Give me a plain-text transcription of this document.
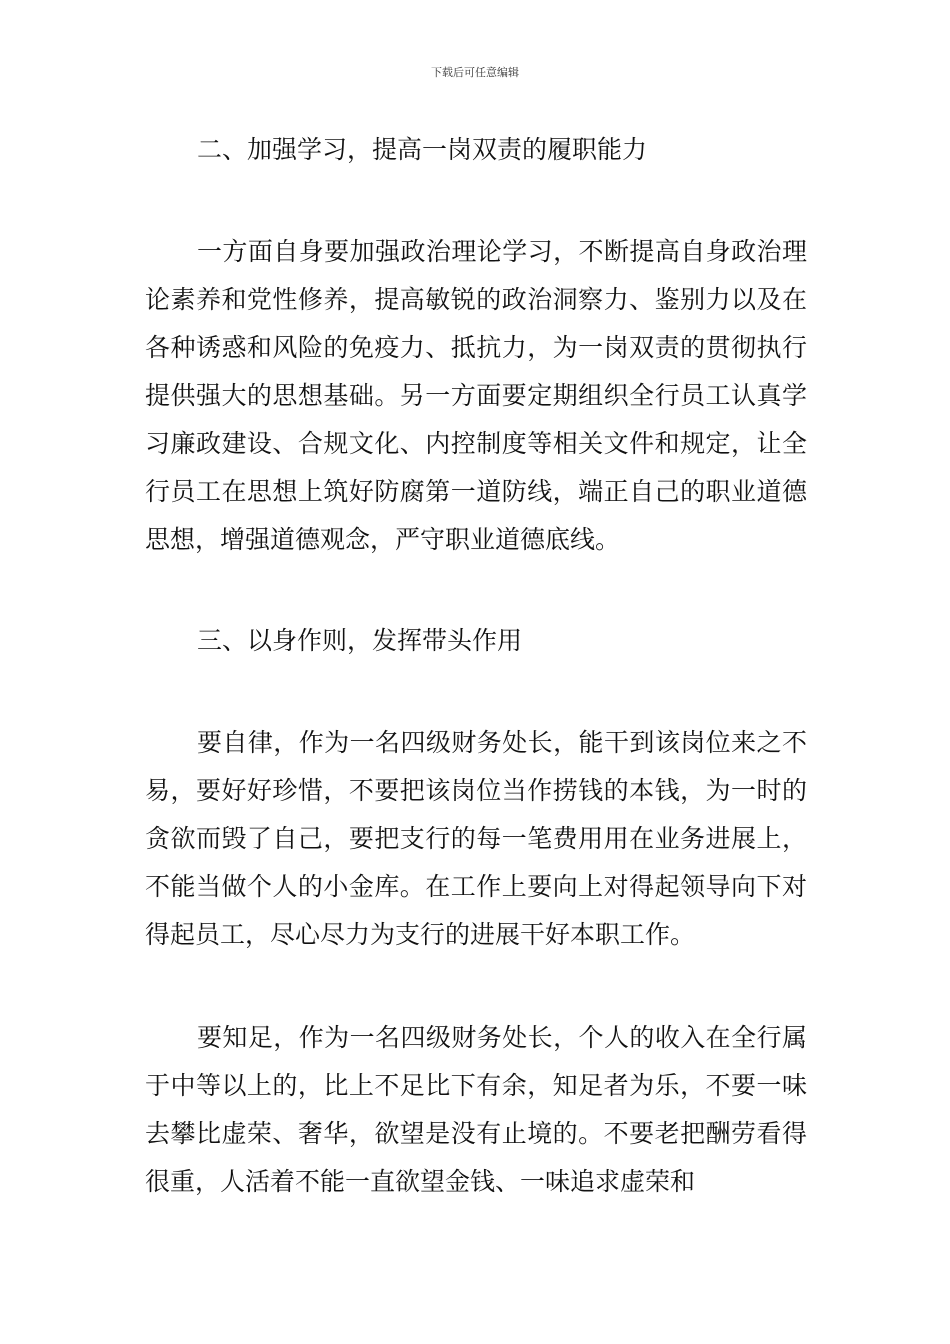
下载后可任意编辑
二、加强学习，提高一岗双责的履职能力

一方面自身要加强政治理论学习，不断提高自身政治理论素养和党性修养，提高敏锐的政治洞察力、鉴别力以及在各种诱惑和风险的免疫力、抵抗力，为一岗双责的贯彻执行提供强大的思想基础。另一方面要定期组织全行员工认真学习廉政建设、合规文化、内控制度等相关文件和规定，让全行员工在思想上筑好防腐第一道防线，端正自己的职业道德思想，增强道德观念，严守职业道德底线。

三、以身作则，发挥带头作用

要自律，作为一名四级财务处长，能干到该岗位来之不易，要好好珍惜，不要把该岗位当作捞钱的本钱，为一时的贪欲而毁了自己，要把支行的每一笔费用用在业务进展上，不能当做个人的小金库。在工作上要向上对得起领导向下对得起员工，尽心尽力为支行的进展干好本职工作。

要知足，作为一名四级财务处长，个人的收入在全行属于中等以上的，比上不足比下有余，知足者为乐，不要一味去攀比虚荣、奢华，欲望是没有止境的。不要老把酬劳看得很重，人活着不能一直欲望金钱、一味追求虚荣和
